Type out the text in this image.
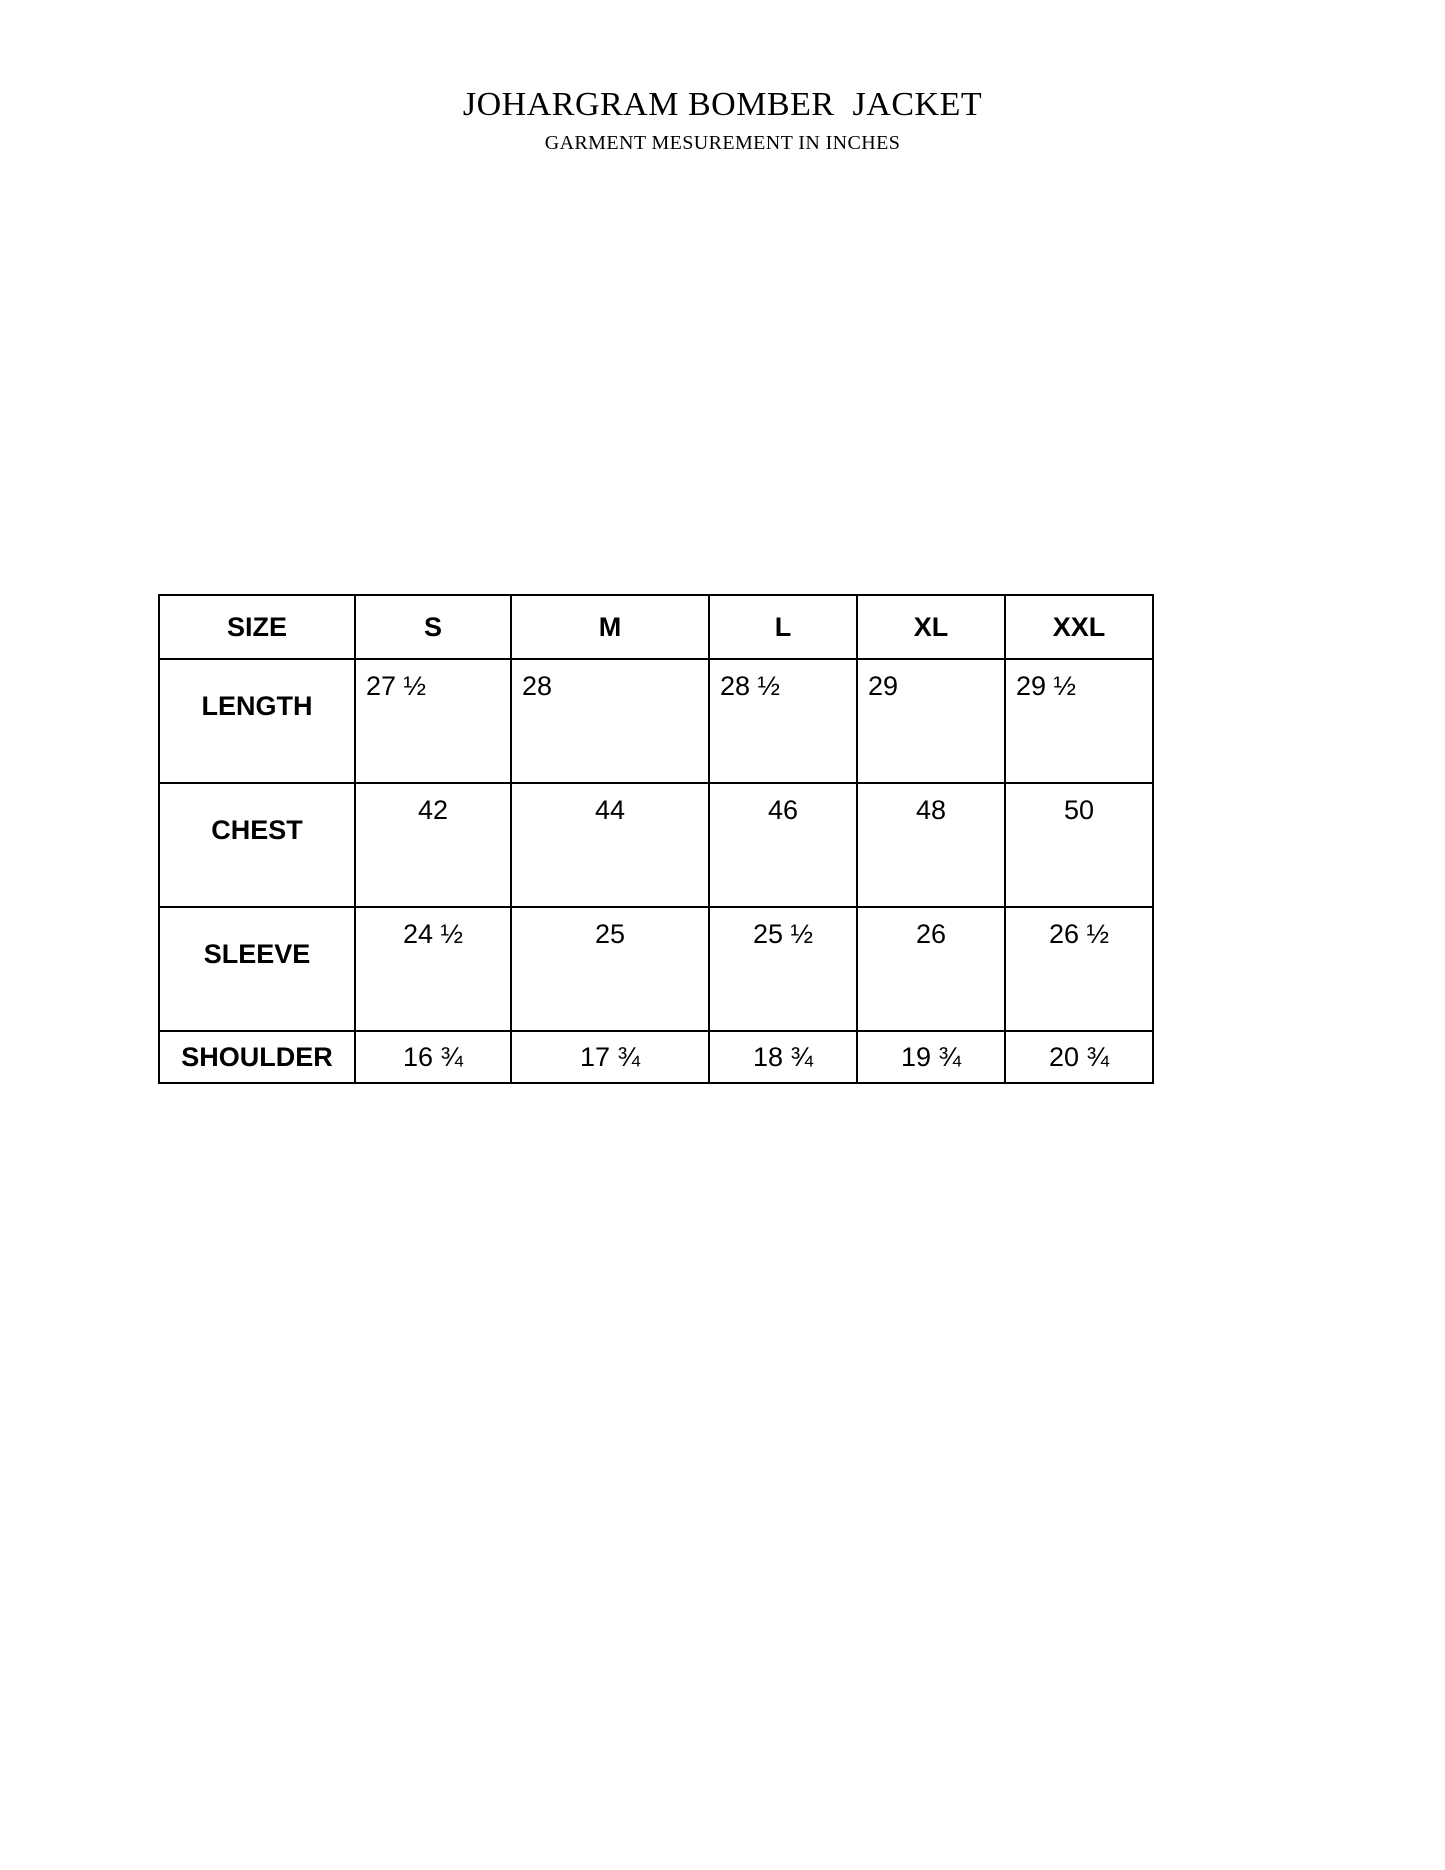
JOHARGRAM BOMBER  JACKET
GARMENT MESUREMENT IN INCHES
SIZE	S	M	L	XL	XXL
LENGTH	27 ½	28	28 ½	29	29 ½
CHEST	42	44	46	48	50
SLEEVE	24 ½	25	25 ½	26	26 ½
SHOULDER	16 ¾	17 ¾	18 ¾	19 ¾	20 ¾
